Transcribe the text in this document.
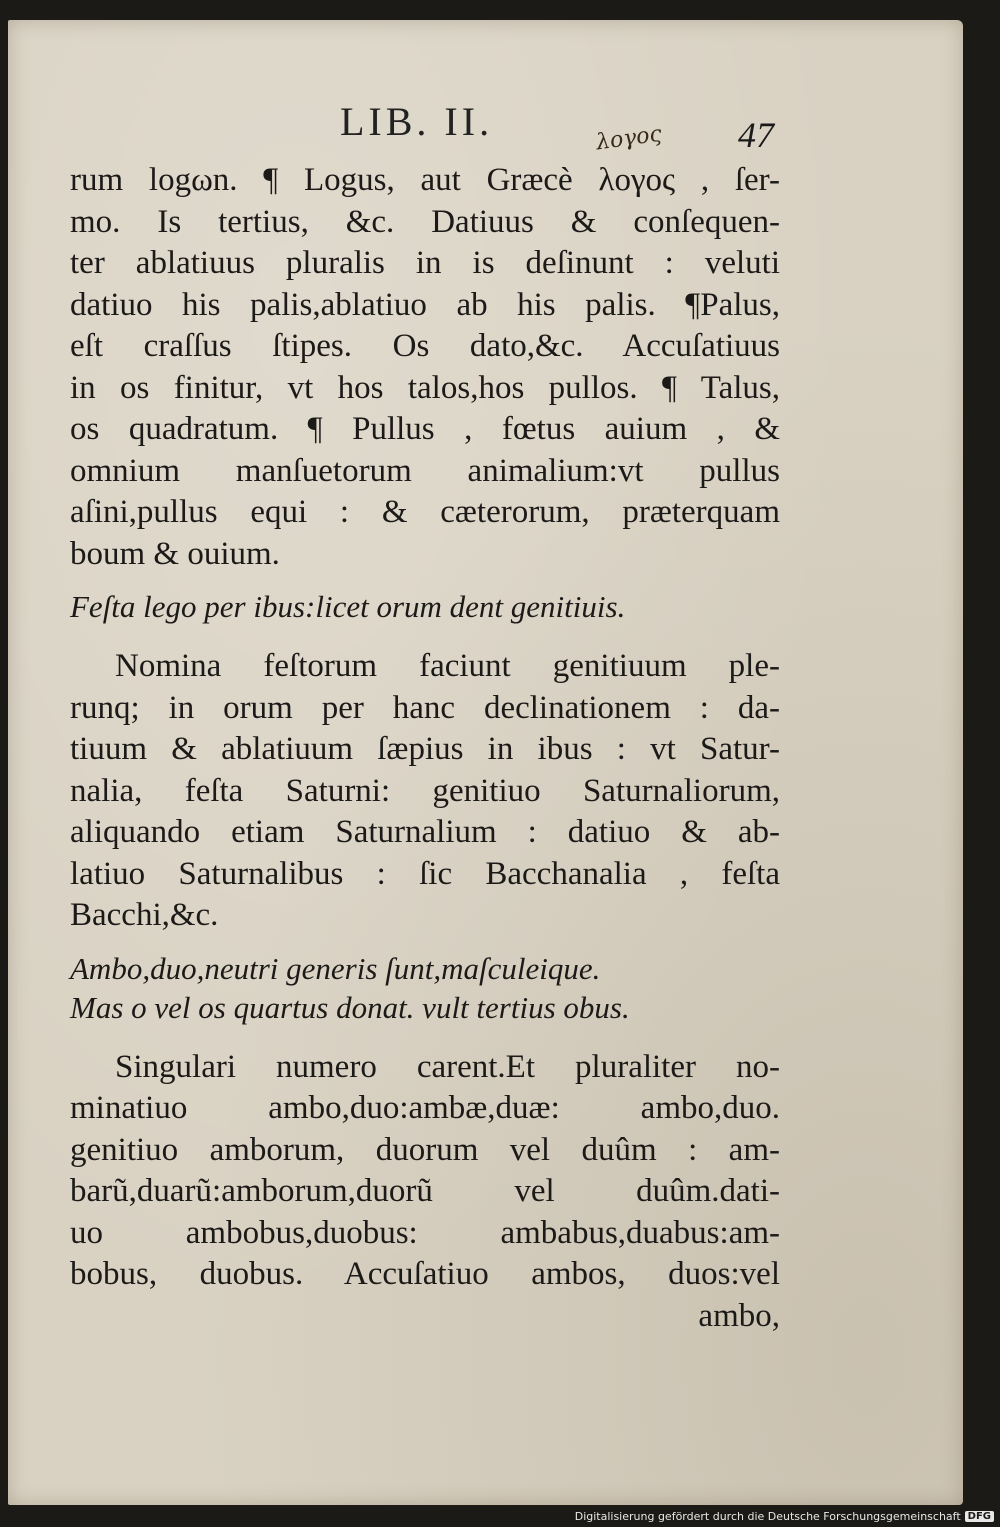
LIB. II.	47
λογος
rum logωn. ¶ Logus, aut Græcè λογος , ſer-
mo. Is tertius, &c. Datiuus & conſequen-
ter ablatiuus pluralis in is deſinunt : veluti
datiuo his palis,ablatiuo ab his palis. ¶Palus,
eſt craſſus ſtipes. Os dato,&c. Accuſatiuus
in os finitur, vt hos talos,hos pullos. ¶ Talus,
os quadratum. ¶ Pullus , fœtus auium , &
omnium manſuetorum animalium:vt pullus
aſini,pullus equi : & cæterorum, præterquam
boum & ouium.
Feſta lego per ibus:licet orum dent genitiuis.
Nomina feſtorum faciunt genitiuum ple-
runq; in orum per hanc declinationem : da-
tiuum & ablatiuum ſæpius in ibus : vt Satur-
nalia, feſta Saturni: genitiuo Saturnaliorum,
aliquando etiam Saturnalium : datiuo & ab-
latiuo Saturnalibus : ſic Bacchanalia , feſta
Bacchi,&c.
Ambo,duo,neutri generis ſunt,maſculeique.
Mas o vel os quartus donat. vult tertius obus.
Singulari numero carent.Et pluraliter no-
minatiuo ambo,duo:ambæ,duæ: ambo,duo.
genitiuo amborum, duorum vel duûm : am-
barũ,duarũ:amborum,duorũ vel duûm.dati-
uo ambobus,duobus: ambabus,duabus:am-
bobus, duobus. Accuſatiuo ambos, duos:vel
ambo,
Digitalisierung gefördert durch die Deutsche Forschungsgemeinschaft DFG
